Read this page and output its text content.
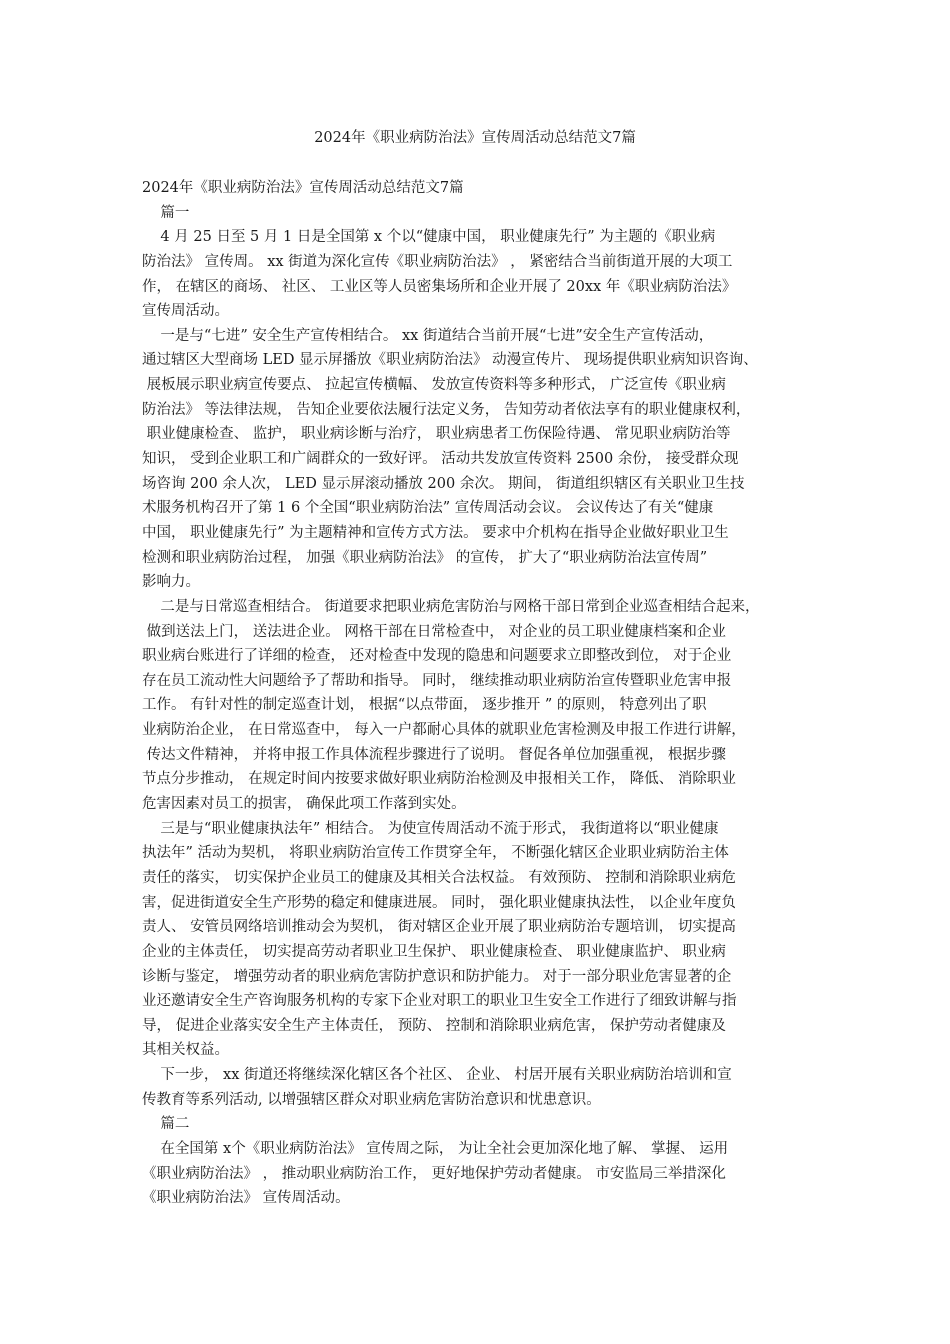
2024年《职业病防治法》宣传周活动总结范文7篇
2024年《职业病防治法》宣传周活动总结范文7篇
篇一
4 月 25 日至 5 月 1 日是全国第 x 个以“健康中国， 职业健康先行” 为主题的《职业病
防治法》 宣传周。 xx 街道为深化宣传《职业病防治法》 ， 紧密结合当前街道开展的大项工
作， 在辖区的商场、 社区、 工业区等人员密集场所和企业开展了 20xx 年《职业病防治法》
宣传周活动。
一是与“七进” 安全生产宣传相结合。 xx 街道结合当前开展“七进”安全生产宣传活动，
通过辖区大型商场 LED 显示屏播放《职业病防治法》 动漫宣传片、 现场提供职业病知识咨询、
展板展示职业病宣传要点、 拉起宣传横幅、 发放宣传资料等多种形式， 广泛宣传《职业病
防治法》 等法律法规， 告知企业要依法履行法定义务， 告知劳动者依法享有的职业健康权利，
职业健康检查、 监护， 职业病诊断与治疗， 职业病患者工伤保险待遇、 常见职业病防治等
知识， 受到企业职工和广阔群众的一致好评。 活动共发放宣传资料 2500 余份， 接受群众现
场咨询 200 余人次， LED 显示屏滚动播放 200 余次。 期间， 街道组织辖区有关职业卫生技
术服务机构召开了第 1 6 个全国“职业病防治法” 宣传周活动会议。 会议传达了有关“健康
中国， 职业健康先行” 为主题精神和宣传方式方法。 要求中介机构在指导企业做好职业卫生
检测和职业病防治过程， 加强《职业病防治法》 的宣传， 扩大了“职业病防治法宣传周”
影响力。
二是与日常巡查相结合。 街道要求把职业病危害防治与网格干部日常到企业巡查相结合起来，
做到送法上门， 送法进企业。 网格干部在日常检查中， 对企业的员工职业健康档案和企业
职业病台账进行了详细的检查， 还对检查中发现的隐患和问题要求立即整改到位， 对于企业
存在员工流动性大问题给予了帮助和指导。 同时， 继续推动职业病防治宣传暨职业危害申报
工作。 有针对性的制定巡查计划， 根据“以点带面， 逐步推开 ” 的原则， 特意列出了职
业病防治企业， 在日常巡查中， 每入一户都耐心具体的就职业危害检测及申报工作进行讲解，
传达文件精神， 并将申报工作具体流程步骤进行了说明。 督促各单位加强重视， 根据步骤
节点分步推动， 在规定时间内按要求做好职业病防治检测及申报相关工作， 降低、 消除职业
危害因素对员工的损害， 确保此项工作落到实处。
三是与“职业健康执法年” 相结合。 为使宣传周活动不流于形式， 我街道将以“职业健康
执法年” 活动为契机， 将职业病防治宣传工作贯穿全年， 不断强化辖区企业职业病防治主体
责任的落实， 切实保护企业员工的健康及其相关合法权益。 有效预防、 控制和消除职业病危
害，促进街道安全生产形势的稳定和健康进展。 同时， 强化职业健康执法性， 以企业年度负
责人、 安管员网络培训推动会为契机， 街对辖区企业开展了职业病防治专题培训， 切实提高
企业的主体责任， 切实提高劳动者职业卫生保护、 职业健康检查、 职业健康监护、 职业病
诊断与鉴定， 增强劳动者的职业病危害防护意识和防护能力。 对于一部分职业危害显著的企
业还邀请安全生产咨询服务机构的专家下企业对职工的职业卫生安全工作进行了细致讲解与指
导， 促进企业落实安全生产主体责任， 预防、 控制和消除职业病危害， 保护劳动者健康及
其相关权益。
下一步， xx 街道还将继续深化辖区各个社区、 企业、 村居开展有关职业病防治培训和宣
传教育等系列活动, 以增强辖区群众对职业病危害防治意识和忧患意识。
篇二
在全国第 x个《职业病防治法》 宣传周之际， 为让全社会更加深化地了解、 掌握、 运用
《职业病防治法》 ， 推动职业病防治工作， 更好地保护劳动者健康。 市安监局三举措深化
《职业病防治法》 宣传周活动。
